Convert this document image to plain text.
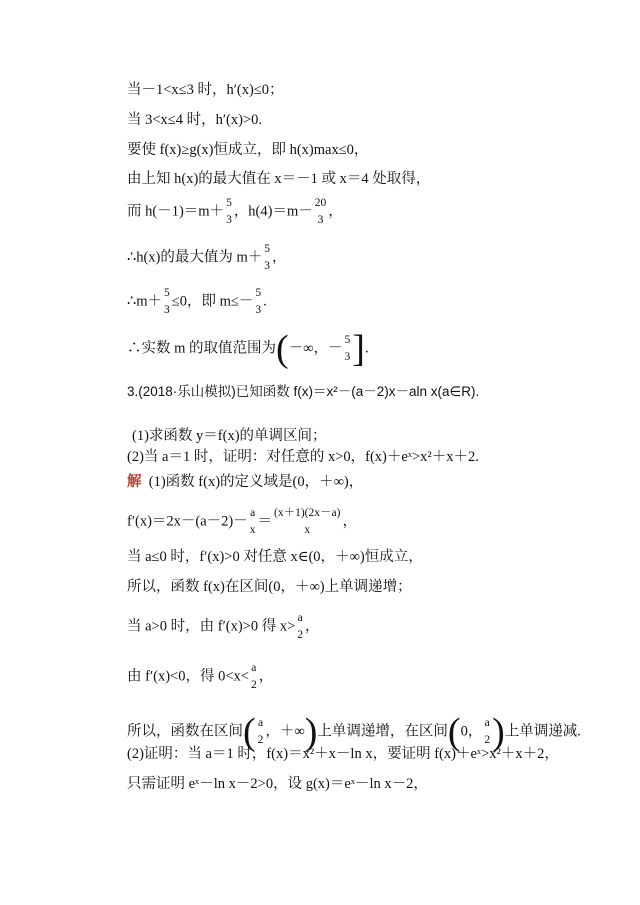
当－1<x≤3 时，h′(x)≤0；
当 3<x≤4 时，h′(x)>0.
要使 f(x)≥g(x)恒成立，即 h(x)max≤0，
由上知 h(x)的最大值在 x＝－1 或 x＝4 处取得，
而 h(－1)＝m＋
5
3
，h(4)＝m－
20
3
，
∴h(x)的最大值为 m＋
5
3
，
∴m＋
5
3
≤0，即 m≤－
5
3
.
∴实数 m 的取值范围为(－∞，－
5
3 ].
3.(2018·乐山模拟)已知函数 f(x)＝x²－(a－2)x－aln x(a∈R).
(1)求函数 y＝f(x)的单调区间；
(2)当 a＝1 时，证明：对任意的 x>0，f(x)＋eˣ>x²＋x＋2.
解 (1)函数 f(x)的定义域是(0，＋∞)，
f′(x)＝2x－(a－2)－
a
x
＝
(x＋1)(2x－a)
x
，
当 a≤0 时，f′(x)>0 对任意 x∈(0，＋∞)恒成立，
所以，函数 f(x)在区间(0，＋∞)上单调递增；
当 a>0 时，由 f′(x)>0 得 x>
a
2
，
由 f′(x)<0，得 0<x<
a
2
，
所以，函数在区间( a
2
，＋∞)上单调递增，在区间(0，
a
2 )上单调递减.
(2)证明：当 a＝1 时，f(x)＝x²＋x－ln x，要证明 f(x)＋eˣ>x²＋x＋2，
只需证明 eˣ－ln x－2>0，设 g(x)＝eˣ－ln x－2，
